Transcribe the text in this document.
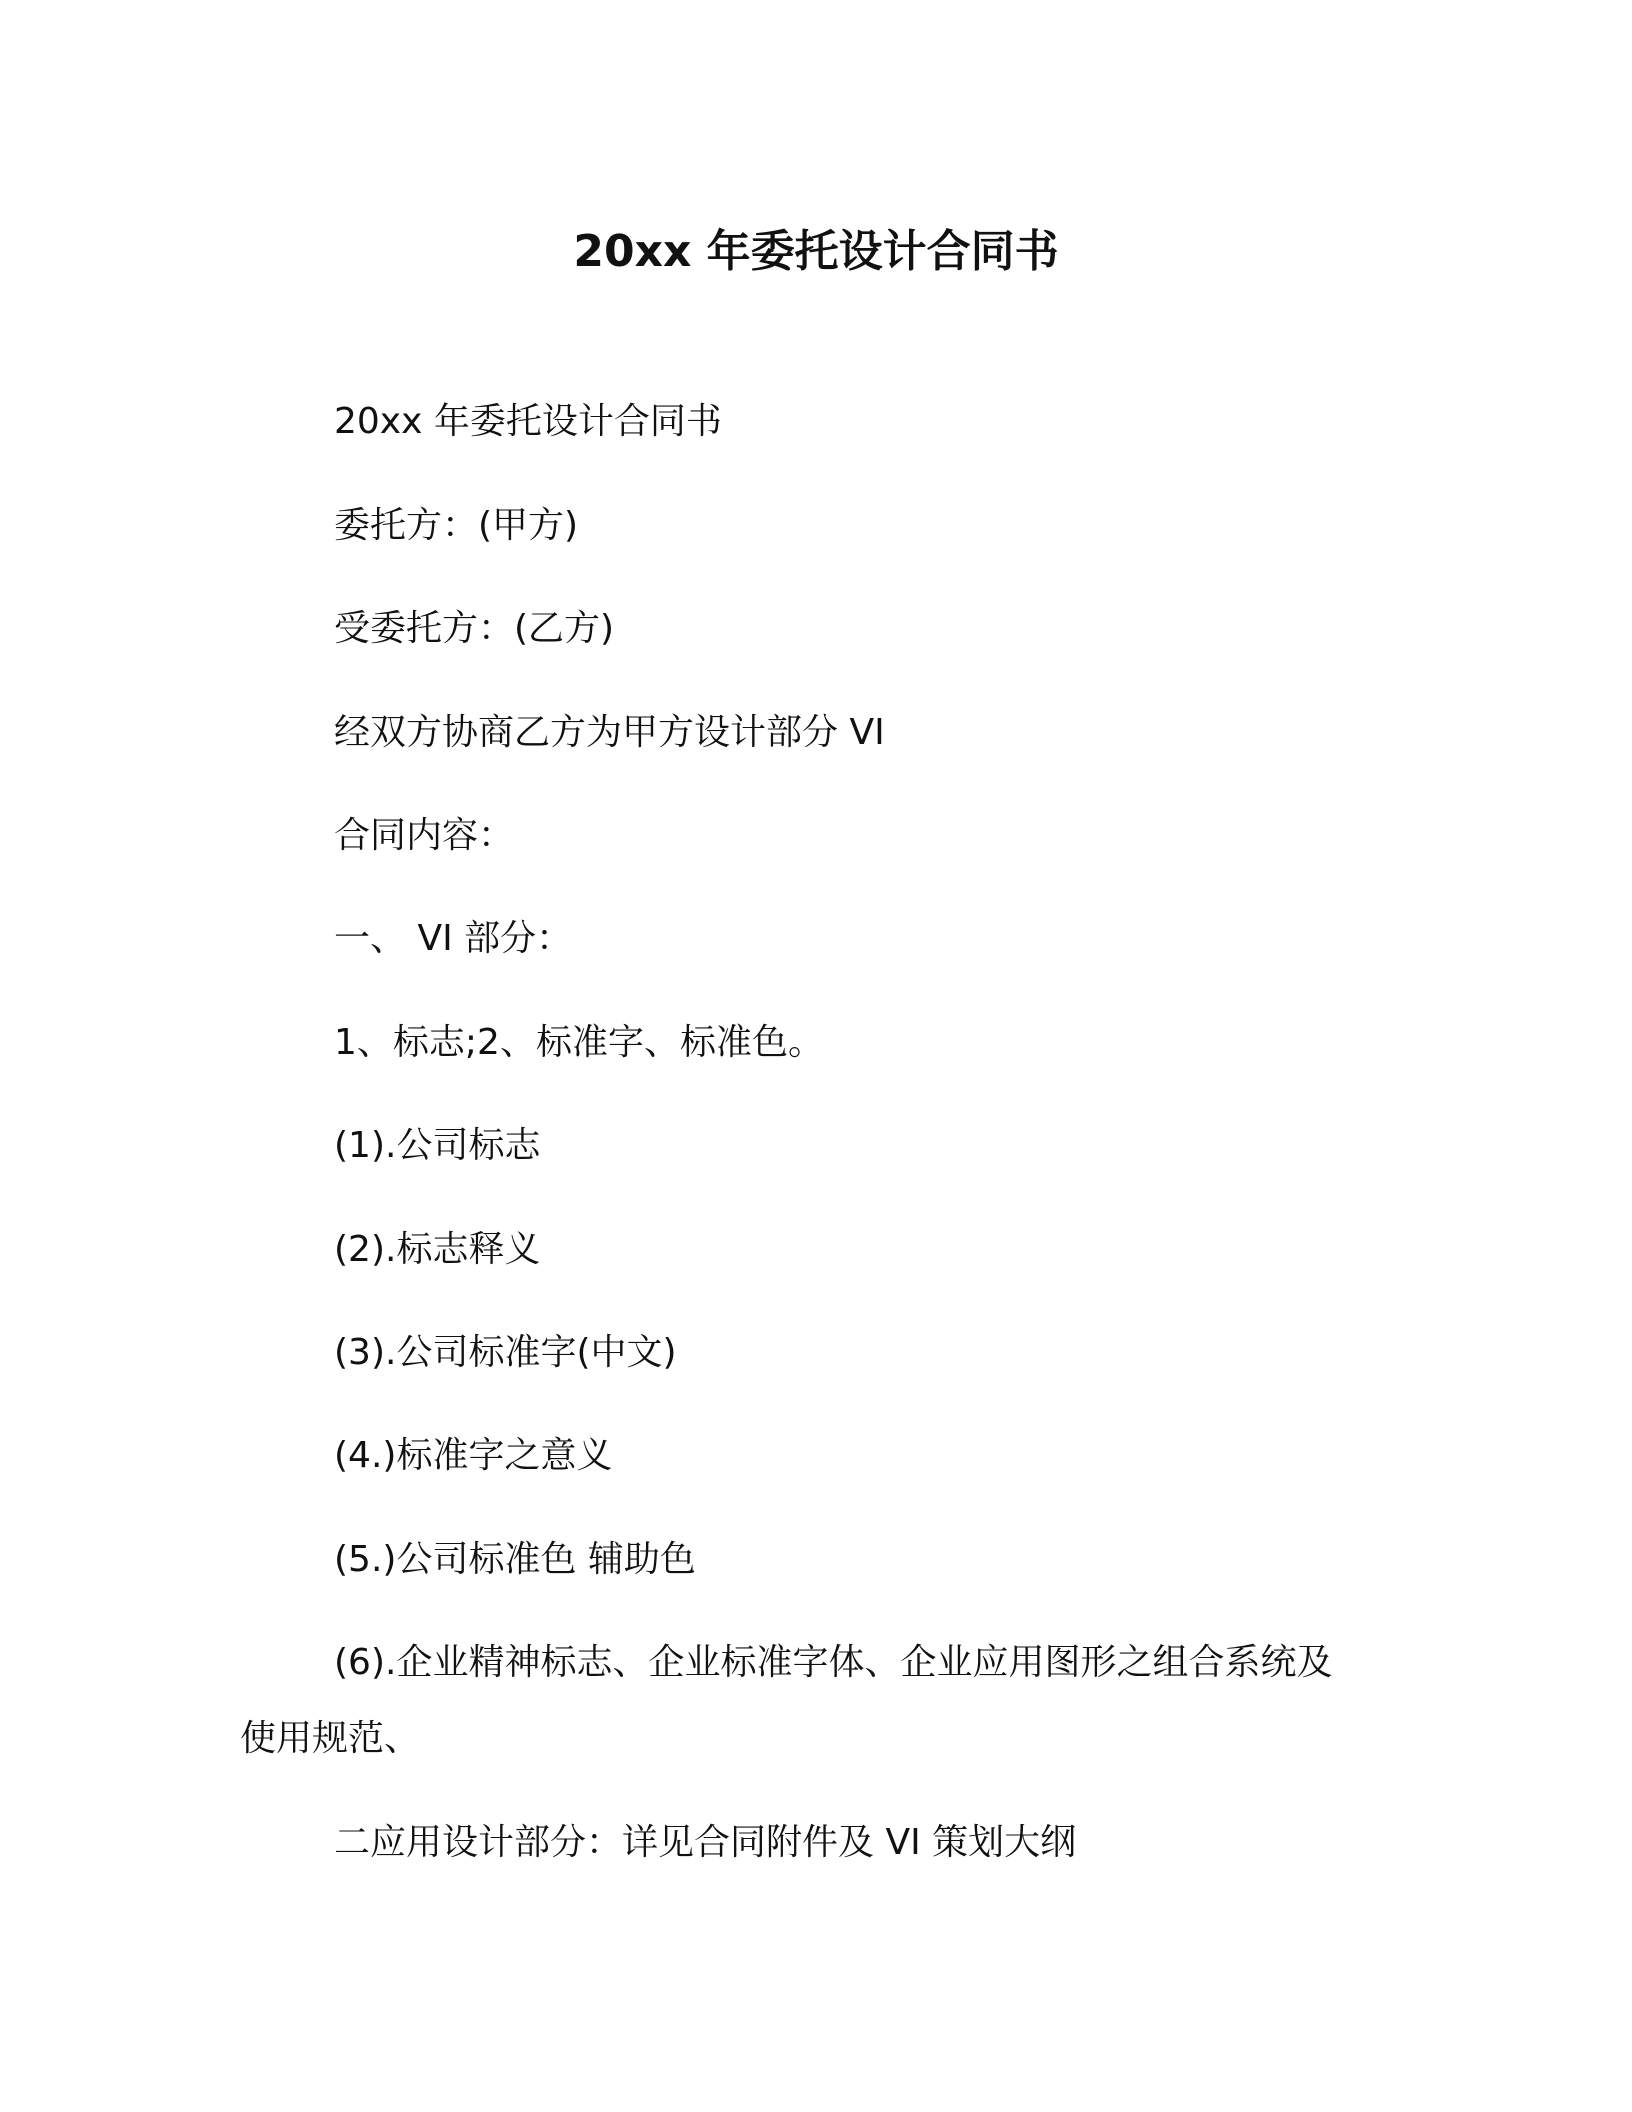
20xx 年委托设计合同书
20xx 年委托设计合同书
委托方：(甲方)
受委托方：(乙方)
经双方协商乙方为甲方设计部分 VI
合同内容：
一、 VI 部分：
1、标志;2、标准字、标准色。
(1).公司标志
(2).标志释义
(3).公司标准字(中文)
(4.)标准字之意义
(5.)公司标准色 辅助色
(6).企业精神标志、企业标准字体、企业应用图形之组合系统及
使用规范、
二应用设计部分：详见合同附件及 VI 策划大纲
